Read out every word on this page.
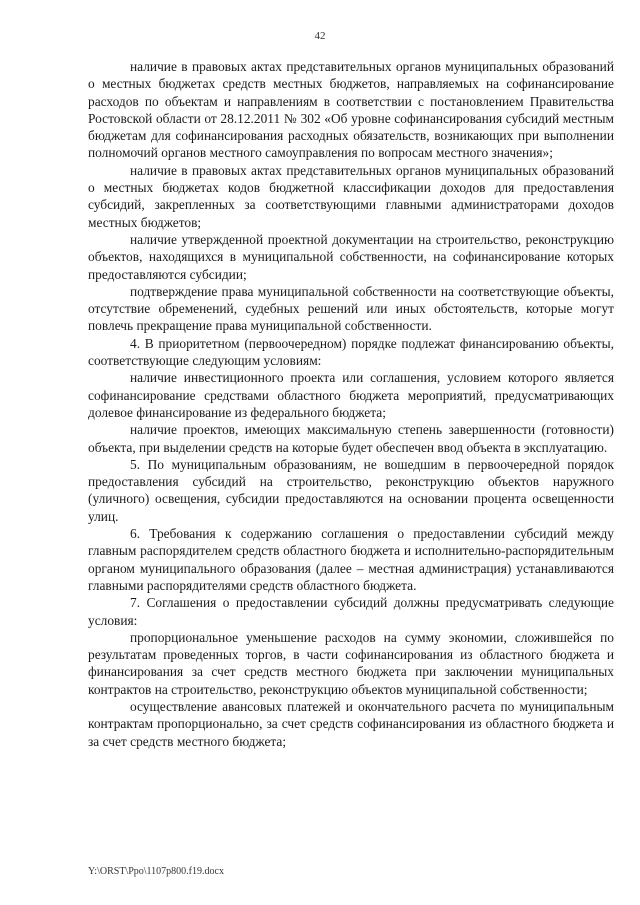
42

наличие в правовых актах представительных органов муниципальных образований о местных бюджетах средств местных бюджетов, направляемых на софинансирование расходов по объектам и направлениям в соответствии с постановлением Правительства Ростовской области от 28.12.2011 № 302 «Об уровне софинансирования субсидий местным бюджетам для софинансирования расходных обязательств, возникающих при выполнении полномочий органов местного самоуправления по вопросам местного значения»;

наличие в правовых актах представительных органов муниципальных образований о местных бюджетах кодов бюджетной классификации доходов для предоставления субсидий, закрепленных за соответствующими главными администраторами доходов местных бюджетов;

наличие утвержденной проектной документации на строительство, реконструкцию объектов, находящихся в муниципальной собственности, на софинансирование которых предоставляются субсидии;

подтверждение права муниципальной собственности на соответствующие объекты, отсутствие обременений, судебных решений или иных обстоятельств, которые могут повлечь прекращение права муниципальной собственности.

4. В приоритетном (первоочередном) порядке подлежат финансированию объекты, соответствующие следующим условиям:

наличие инвестиционного проекта или соглашения, условием которого является софинансирование средствами областного бюджета мероприятий, предусматривающих долевое финансирование из федерального бюджета;

наличие проектов, имеющих максимальную степень завершенности (готовности) объекта, при выделении средств на которые будет обеспечен ввод объекта в эксплуатацию.

5. По муниципальным образованиям, не вошедшим в первоочередной порядок предоставления субсидий на строительство, реконструкцию объектов наружного (уличного) освещения, субсидии предоставляются на основании процента освещенности улиц.

6. Требования к содержанию соглашения о предоставлении субсидий между главным распорядителем средств областного бюджета и исполнительно-распорядительным органом муниципального образования (далее – местная администрация) устанавливаются главными распорядителями средств областного бюджета.

7. Соглашения о предоставлении субсидий должны предусматривать следующие условия:

пропорциональное уменьшение расходов на сумму экономии, сложившейся по результатам проведенных торгов, в части софинансирования из областного бюджета и финансирования за счет средств местного бюджета при заключении муниципальных контрактов на строительство, реконструкцию объектов муниципальной собственности;

осуществление авансовых платежей и окончательного расчета по муниципальным контрактам пропорционально, за счет средств софинансирования из областного бюджета и за счет средств местного бюджета;

Y:\ORST\Ppo\1107p800.f19.docx
